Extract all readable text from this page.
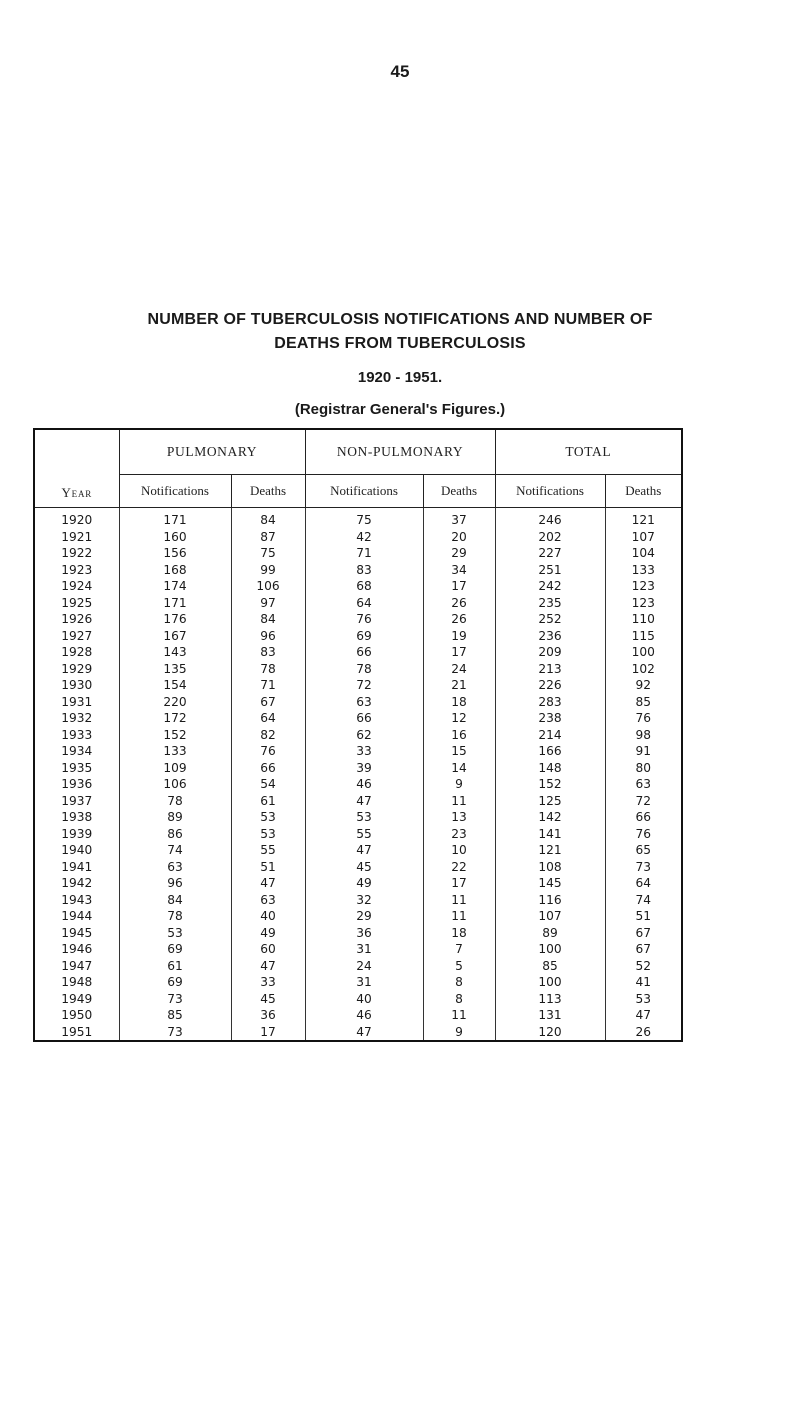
45
NUMBER OF TUBERCULOSIS NOTIFICATIONS AND NUMBER OF
DEATHS FROM TUBERCULOSIS
1920 - 1951.
(Registrar General's Figures.)
Year	PULMONARY		NON-PULMONARY		TOTAL	
	Notifications	Deaths	Notifications	Deaths	Notifications	Deaths
1920	171	84	75	37	246	121
1921	160	87	42	20	202	107
1922	156	75	71	29	227	104
1923	168	99	83	34	251	133
1924	174	106	68	17	242	123
1925	171	97	64	26	235	123
1926	176	84	76	26	252	110
1927	167	96	69	19	236	115
1928	143	83	66	17	209	100
1929	135	78	78	24	213	102
1930	154	71	72	21	226	92
1931	220	67	63	18	283	85
1932	172	64	66	12	238	76
1933	152	82	62	16	214	98
1934	133	76	33	15	166	91
1935	109	66	39	14	148	80
1936	106	54	46	9	152	63
1937	78	61	47	11	125	72
1938	89	53	53	13	142	66
1939	86	53	55	23	141	76
1940	74	55	47	10	121	65
1941	63	51	45	22	108	73
1942	96	47	49	17	145	64
1943	84	63	32	11	116	74
1944	78	40	29	11	107	51
1945	53	49	36	18	89	67
1946	69	60	31	7	100	67
1947	61	47	24	5	85	52
1948	69	33	31	8	100	41
1949	73	45	40	8	113	53
1950	85	36	46	11	131	47
1951	73	17	47	9	120	26
